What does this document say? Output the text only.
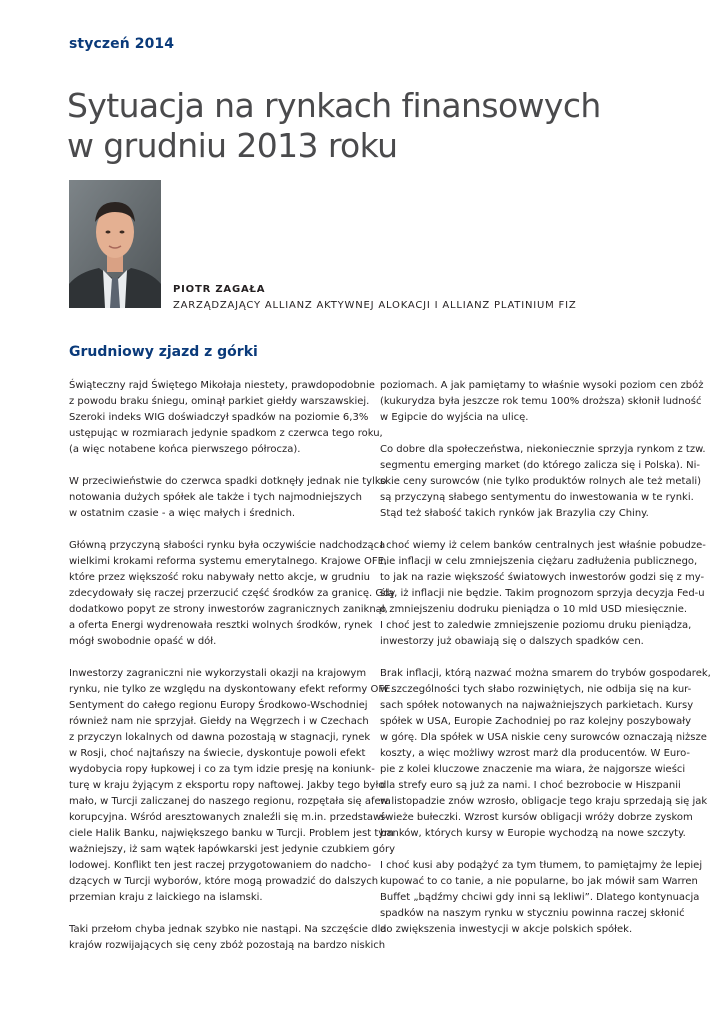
styczeń 2014
Sytuacja na rynkach finansowych
w grudniu 2013 roku
PIOTR ZAGAŁA
ZARZĄDZAJĄCY ALLIANZ AKTYWNEJ ALOKACJI I ALLIANZ PLATINIUM FIZ
Grudniowy zjazd z górki

Świąteczny rajd Świętego Mikołaja niestety, prawdopodobnie
z powodu braku śniegu, ominął parkiet giełdy warszawskiej.
Szeroki indeks WIG doświadczył spadków na poziomie 6,3%
ustępując w rozmiarach jedynie spadkom z czerwca tego roku,
(a więc notabene końca pierwszego półrocza).

W przeciwieństwie do czerwca spadki dotknęły jednak nie tylko
notowania dużych spółek ale także i tych najmodniejszych
w ostatnim czasie - a więc małych i średnich.

Główną przyczyną słabości rynku była oczywiście nadchodząca
wielkimi krokami reforma systemu emerytalnego. Krajowe OFE,
które przez większość roku nabywały netto akcje, w grudniu
zdecydowały się raczej przerzucić część środków za granicę. Gdy
dodatkowo popyt ze strony inwestorów zagranicznych zaniknął,
a oferta Energi wydrenowała resztki wolnych środków, rynek
mógł swobodnie opaść w dół.

Inwestorzy zagraniczni nie wykorzystali okazji na krajowym
rynku, nie tylko ze względu na dyskontowany efekt reformy OFE.
Sentyment do całego regionu Europy Środkowo-Wschodniej
również nam nie sprzyjał. Giełdy na Węgrzech i w Czechach
z przyczyn lokalnych od dawna pozostają w stagnacji, rynek
w Rosji, choć najtańszy na świecie, dyskontuje powoli efekt
wydobycia ropy łupkowej i co za tym idzie presję na koniunk-
turę w kraju żyjącym z eksportu ropy naftowej. Jakby tego było
mało, w Turcji zaliczanej do naszego regionu, rozpętała się afera
korupcyjna. Wśród aresztowanych znaleźli się m.in. przedstawi-
ciele Halik Banku, największego banku w Turcji. Problem jest tym
ważniejszy, iż sam wątek łapówkarski jest jedynie czubkiem góry
lodowej. Konflikt ten jest raczej przygotowaniem do nadcho-
dzących w Turcji wyborów, które mogą prowadzić do dalszych
przemian kraju z laickiego na islamski.

Taki przełom chyba jednak szybko nie nastąpi. Na szczęście dla
krajów rozwijających się ceny zbóż pozostają na bardzo niskich

poziomach. A jak pamiętamy to właśnie wysoki poziom cen zbóż
(kukurydza była jeszcze rok temu 100% droższa) skłonił ludność
w Egipcie do wyjścia na ulicę.

Co dobre dla społeczeństwa, niekoniecznie sprzyja rynkom z tzw.
segmentu emerging market (do którego zalicza się i Polska). Ni-
skie ceny surowców (nie tylko produktów rolnych ale też metali)
są przyczyną słabego sentymentu do inwestowania w te rynki.
Stąd też słabość takich rynków jak Brazylia czy Chiny.

I choć wiemy iż celem banków centralnych jest właśnie pobudze-
nie inflacji w celu zmniejszenia ciężaru zadłużenia publicznego,
to jak na razie większość światowych inwestorów godzi się z my-
ślą, iż inflacji nie będzie. Takim prognozom sprzyja decyzja Fed-u
o zmniejszeniu dodruku pieniądza o 10 mld USD miesięcznie.
I choć jest to zaledwie zmniejszenie poziomu druku pieniądza,
inwestorzy już obawiają się o dalszych spadków cen.

Brak inflacji, którą nazwać można smarem do trybów gospodarek,
w szczególności tych słabo rozwiniętych, nie odbija się na kur-
sach spółek notowanych na najważniejszych parkietach. Kursy
spółek w USA, Europie Zachodniej po raz kolejny poszybowały
w górę. Dla spółek w USA niskie ceny surowców oznaczają niższe
koszty, a więc możliwy wzrost marż dla producentów. W Euro-
pie z kolei kluczowe znaczenie ma wiara, że najgorsze wieści
dla strefy euro są już za nami. I choć bezrobocie w Hiszpanii
w listopadzie znów wzrosło, obligacje tego kraju sprzedają się jak
świeże bułeczki. Wzrost kursów obligacji wróży dobrze zyskom
banków, których kursy w Europie wychodzą na nowe szczyty.

I choć kusi aby podążyć za tym tłumem, to pamiętajmy że lepiej
kupować to co tanie, a nie popularne, bo jak mówił sam Warren
Buffet „bądźmy chciwi gdy inni są lekliwi”. Dlatego kontynuacja
spadków na naszym rynku w styczniu powinna raczej skłonić
do zwiększenia inwestycji w akcje polskich spółek.
